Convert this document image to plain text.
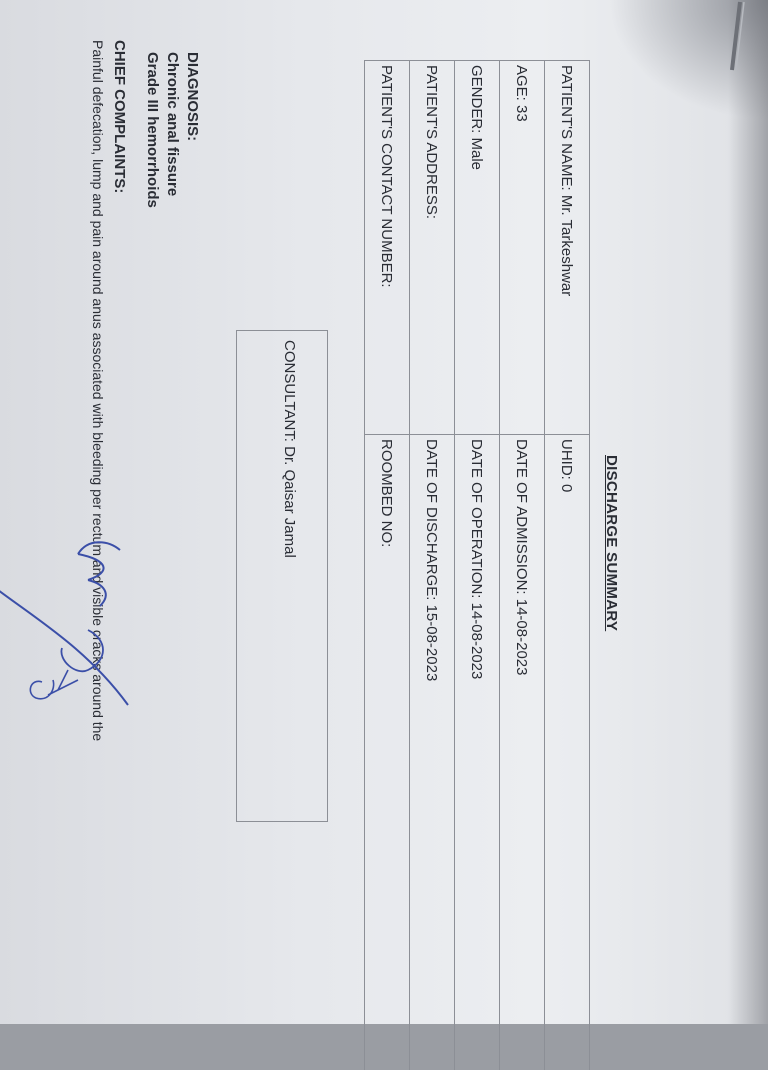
DISCHARGE SUMMARY
PATIENT'S NAME: Mr. Tarkeshwar	UHID: 0	
AGE: 33	DATE OF ADMISSION: 14-08-2023	
GENDER: Male	DATE OF OPERATION: 14-08-2023	
PATIENT'S ADDRESS:	DATE OF DISCHARGE: 15-08-2023	
PATIENT'S CONTACT NUMBER:	ROOMBED NO:	
CONSULTANT: Dr. Qaisar Jamal
DIAGNOSIS:
Chronic anal fissure
Grade III hemorrhoids
CHIEF COMPLAINTS:
Painful defecation, lump and pain around anus associated with bleeding per rectum and visible cracks around the
